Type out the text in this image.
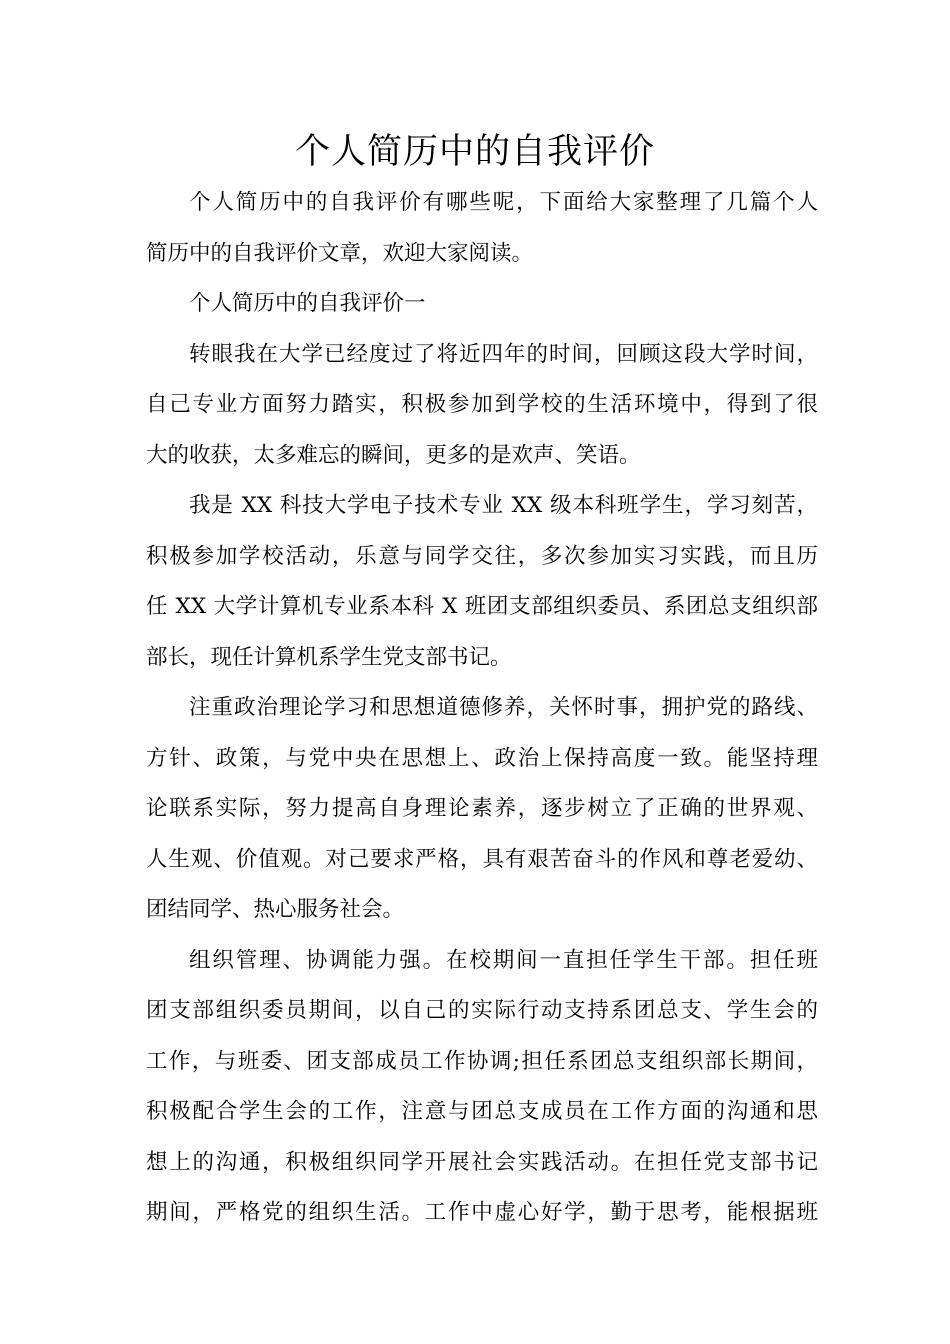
个人简历中的自我评价
个人简历中的自我评价有哪些呢，下面给大家整理了几篇个人
简历中的自我评价文章，欢迎大家阅读。
个人简历中的自我评价一
转眼我在大学已经度过了将近四年的时间，回顾这段大学时间，
自己专业方面努力踏实，积极参加到学校的生活环境中，得到了很
大的收获，太多难忘的瞬间，更多的是欢声、笑语。
我是 XX 科技大学电子技术专业 XX 级本科班学生，学习刻苦，
积极参加学校活动，乐意与同学交往，多次参加实习实践，而且历
任 XX 大学计算机专业系本科 X 班团支部组织委员、系团总支组织部
部长，现任计算机系学生党支部书记。
注重政治理论学习和思想道德修养，关怀时事，拥护党的路线、
方针、政策，与党中央在思想上、政治上保持高度一致。能坚持理
论联系实际，努力提高自身理论素养，逐步树立了正确的世界观、
人生观、价值观。对己要求严格，具有艰苦奋斗的作风和尊老爱幼、
团结同学、热心服务社会。
组织管理、协调能力强。在校期间一直担任学生干部。担任班
团支部组织委员期间，以自己的实际行动支持系团总支、学生会的
工作，与班委、团支部成员工作协调;担任系团总支组织部长期间，
积极配合学生会的工作，注意与团总支成员在工作方面的沟通和思
想上的沟通，积极组织同学开展社会实践活动。在担任党支部书记
期间，严格党的组织生活。工作中虚心好学，勤于思考，能根据班
